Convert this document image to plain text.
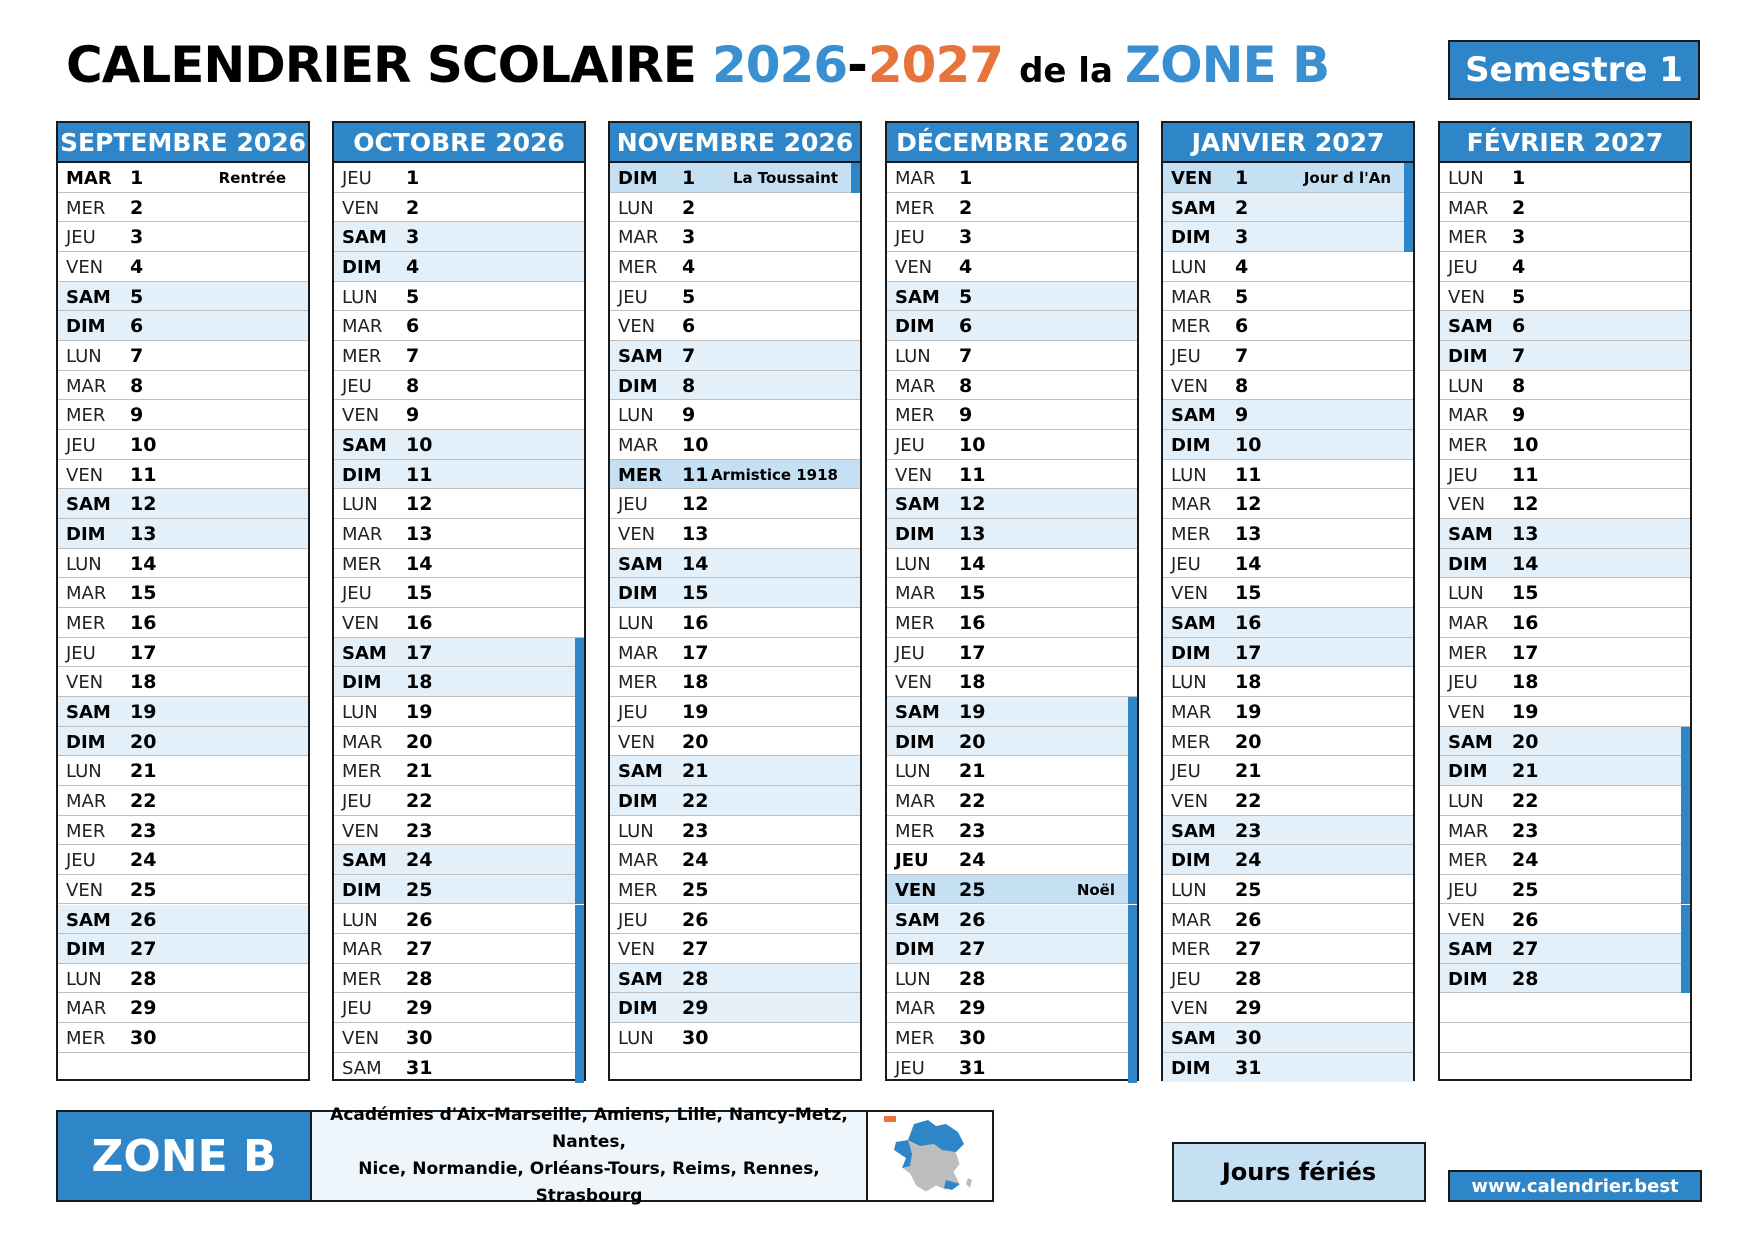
CALENDRIER SCOLAIRE 2026 - 2027 de la ZONE B	Semestre 1
SEPTEMBRE 2026
MAR 1	Rentrée
MER 2
JEU 3
VEN 4
SAM 5
DIM 6
LUN 7
MAR 8
MER 9
JEU 10
VEN 11
SAM 12
DIM 13
LUN 14
MAR 15
MER 16
JEU 17
VEN 18
SAM 19
DIM 20
LUN 21
MAR 22
MER 23
JEU 24
VEN 25
SAM 26
DIM 27
LUN 28
MAR 29
MER 30
OCTOBRE 2026
JEU 1
VEN 2
SAM 3
DIM 4
LUN 5
MAR 6
MER 7
JEU 8
VEN 9
SAM 10
DIM 11
LUN 12
MAR 13
MER 14
JEU 15
VEN 16
SAM 17
DIM 18
LUN 19
MAR 20
MER 21
JEU 22
VEN 23
SAM 24
DIM 25
LUN 26
MAR 27
MER 28
JEU 29
VEN 30
SAM 31
NOVEMBRE 2026
DIM 1	La Toussaint
LUN 2
MAR 3
MER 4
JEU 5
VEN 6
SAM 7
DIM 8
LUN 9
MAR 10
MER 11 Armistice 1918
JEU 12
VEN 13
SAM 14
DIM 15
LUN 16
MAR 17
MER 18
JEU 19
VEN 20
SAM 21
DIM 22
LUN 23
MAR 24
MER 25
JEU 26
VEN 27
SAM 28
DIM 29
LUN 30
DÉCEMBRE 2026
MAR 1
MER 2
JEU 3
VEN 4
SAM 5
DIM 6
LUN 7
MAR 8
MER 9
JEU 10
VEN 11
SAM 12
DIM 13
LUN 14
MAR 15
MER 16
JEU 17
VEN 18
SAM 19
DIM 20
LUN 21
MAR 22
MER 23
JEU 24
VEN 25	Noël
SAM 26
DIM 27
LUN 28
MAR 29
MER 30
JEU 31
JANVIER 2027
VEN 1	Jour d l'An
SAM 2
DIM 3
LUN 4
MAR 5
MER 6
JEU 7
VEN 8
SAM 9
DIM 10
LUN 11
MAR 12
MER 13
JEU 14
VEN 15
SAM 16
DIM 17
LUN 18
MAR 19
MER 20
JEU 21
VEN 22
SAM 23
DIM 24
LUN 25
MAR 26
MER 27
JEU 28
VEN 29
SAM 30
DIM 31
FÉVRIER 2027
LUN 1
MAR 2
MER 3
JEU 4
VEN 5
SAM 6
DIM 7
LUN 8
MAR 9
MER 10
JEU 11
VEN 12
SAM 13
DIM 14
LUN 15
MAR 16
MER 17
JEU 18
VEN 19
SAM 20
DIM 21
LUN 22
MAR 23
MER 24
JEU 25
VEN 26
SAM 27
DIM 28
ZONE B
Académies d'Aix-Marseille, Amiens, Lille, Nancy-Metz, Nantes,
Nice, Normandie, Orléans-Tours, Reims, Rennes, Strasbourg
Jours fériés	www.calendrier.best
